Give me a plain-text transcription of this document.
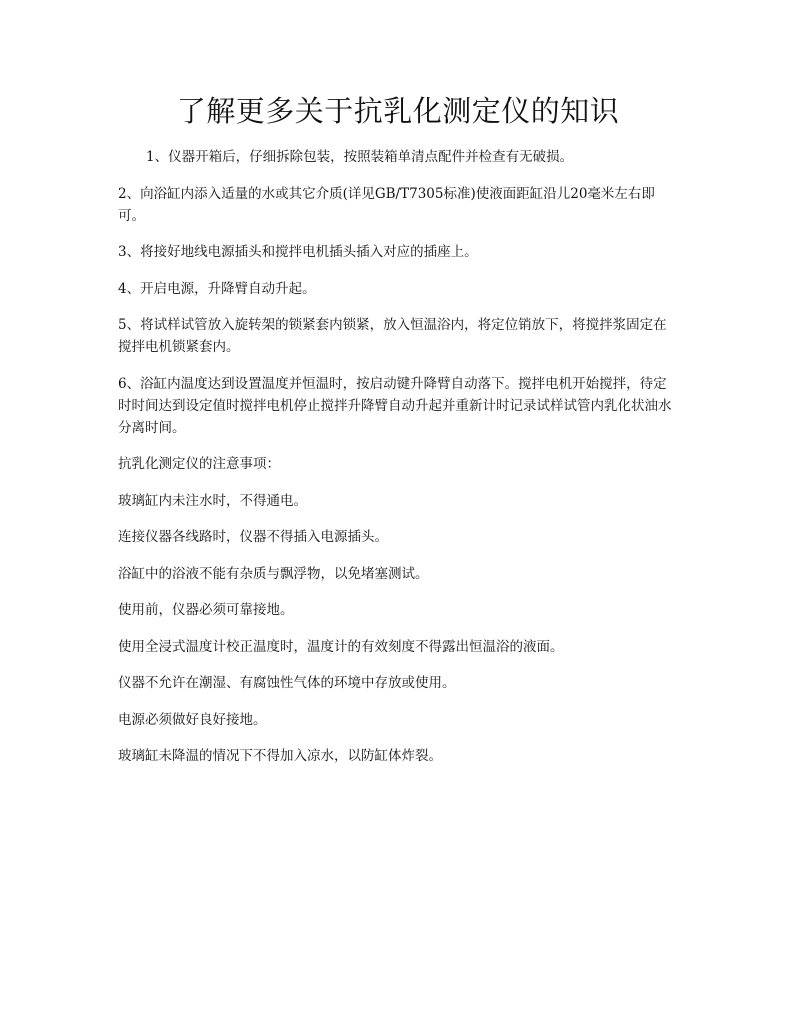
了解更多关于抗乳化测定仪的知识

1、仪器开箱后，仔细拆除包装，按照装箱单清点配件并检查有无破损。

2、向浴缸内添入适量的水或其它介质(详见GB/T7305标准)使液面距缸沿儿20毫米左右即可。

3、将接好地线电源插头和搅拌电机插头插入对应的插座上。

4、开启电源，升降臂自动升起。

5、将试样试管放入旋转架的锁紧套内锁紧，放入恒温浴内，将定位销放下，将搅拌浆固定在搅拌电机锁紧套内。

6、浴缸内温度达到设置温度并恒温时，按启动键升降臂自动落下。搅拌电机开始搅拌，待定时时间达到设定值时搅拌电机停止搅拌升降臂自动升起并重新计时记录试样试管内乳化状油水分离时间。

抗乳化测定仪的注意事项：

玻璃缸内未注水时，不得通电。

连接仪器各线路时，仪器不得插入电源插头。

浴缸中的浴液不能有杂质与飘浮物，以免堵塞测试。

使用前，仪器必须可靠接地。

使用全浸式温度计校正温度时，温度计的有效刻度不得露出恒温浴的液面。

仪器不允许在潮湿、有腐蚀性气体的环境中存放或使用。

电源必须做好良好接地。

玻璃缸未降温的情况下不得加入凉水，以防缸体炸裂。
